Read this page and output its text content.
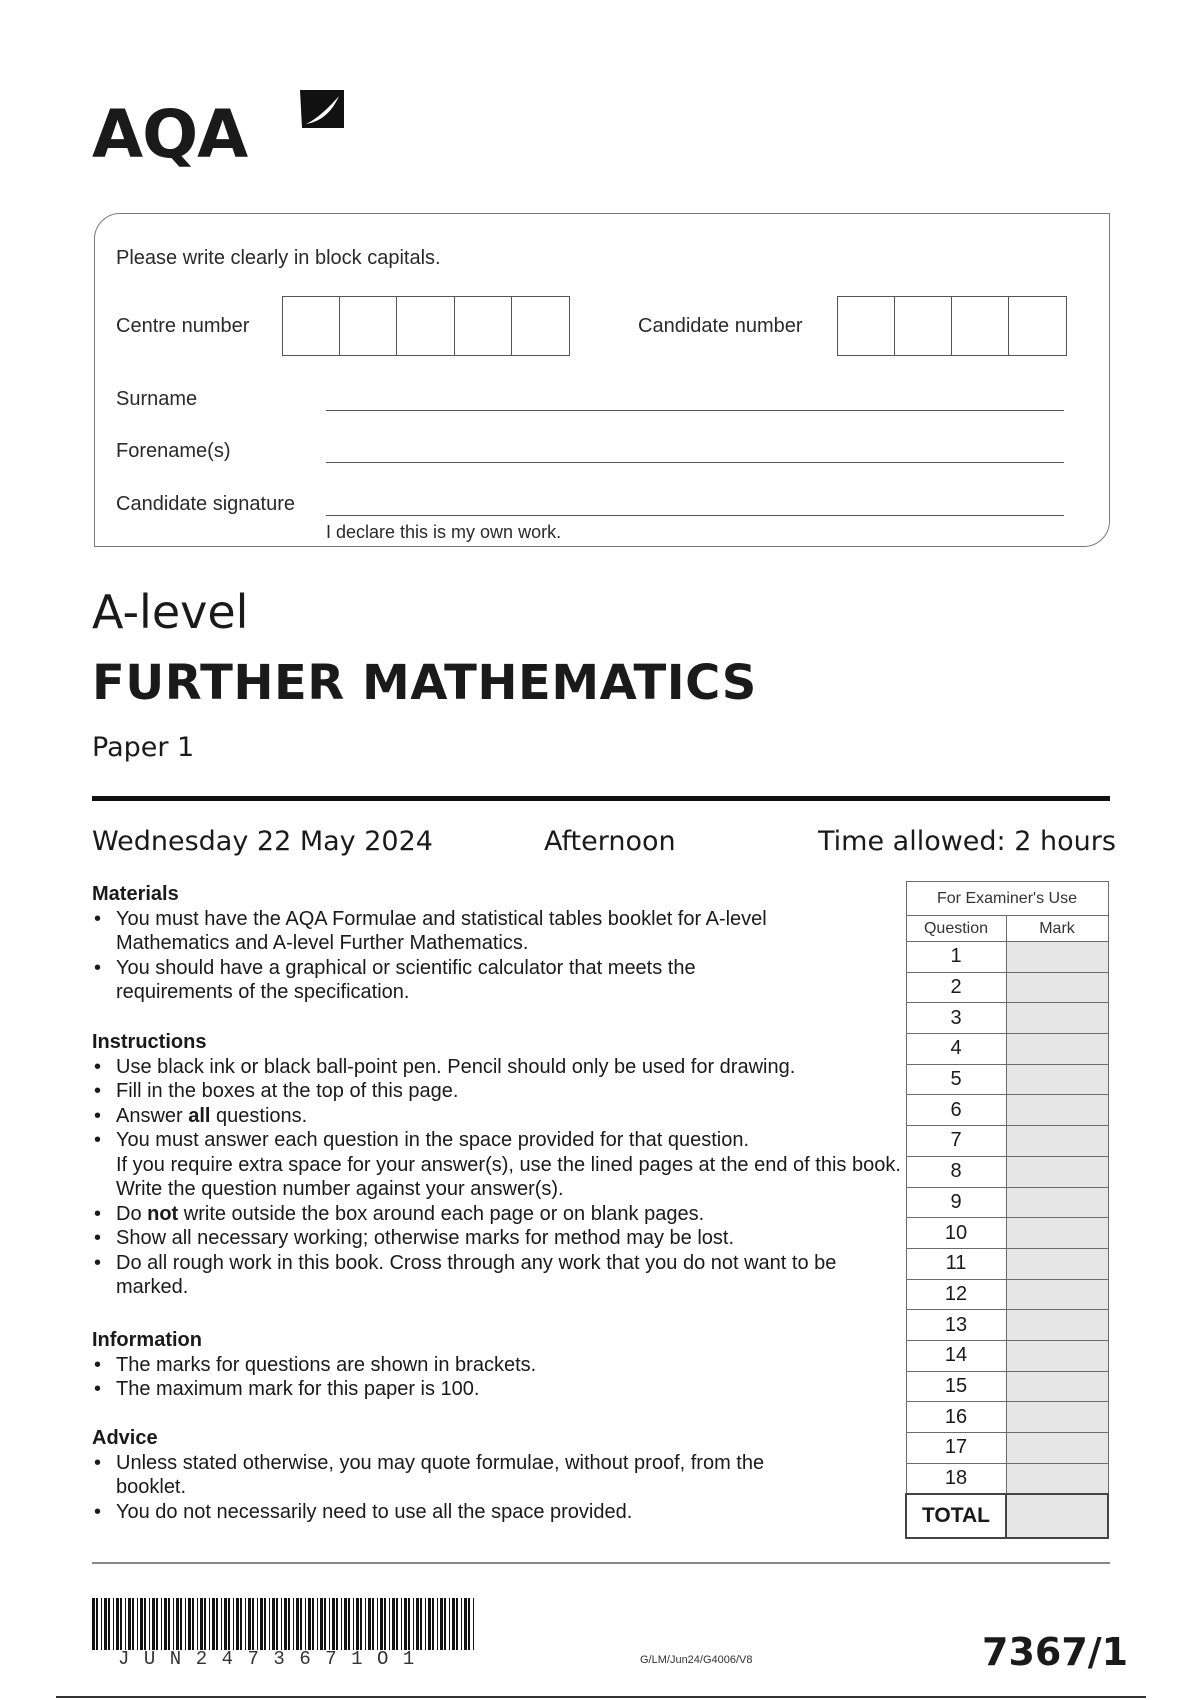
AQA
Please write clearly in block capitals.
Centre number	Candidate number
Surname
Forename(s)
Candidate signature
I declare this is my own work.
A-level
FURTHER MATHEMATICS
Paper 1
Wednesday 22 May 2024	Afternoon	Time allowed: 2 hours
Materials
• You must have the AQA Formulae and statistical tables booklet for A-level Mathematics and A-level Further Mathematics.
• You should have a graphical or scientific calculator that meets the requirements of the specification.
Instructions
• Use black ink or black ball-point pen. Pencil should only be used for drawing.
• Fill in the boxes at the top of this page.
• Answer all questions.
• You must answer each question in the space provided for that question.
If you require extra space for your answer(s), use the lined pages at the end of this book. Write the question number against your answer(s).
• Do not write outside the box around each page or on blank pages.
• Show all necessary working; otherwise marks for method may be lost.
• Do all rough work in this book. Cross through any work that you do not want to be marked.
Information
• The marks for questions are shown in brackets.
• The maximum mark for this paper is 100.
Advice
• Unless stated otherwise, you may quote formulae, without proof, from the booklet.
• You do not necessarily need to use all the space provided.
For Examiner's Use	
Question	Mark
1	
2	
3	
4	
5	
6	
7	
8	
9	
10	
11	
12	
13	
14	
15	
16	
17	
18	
TOTAL	
JUN2473671O1	G/LM/Jun24/G4006/V8	7367/1
